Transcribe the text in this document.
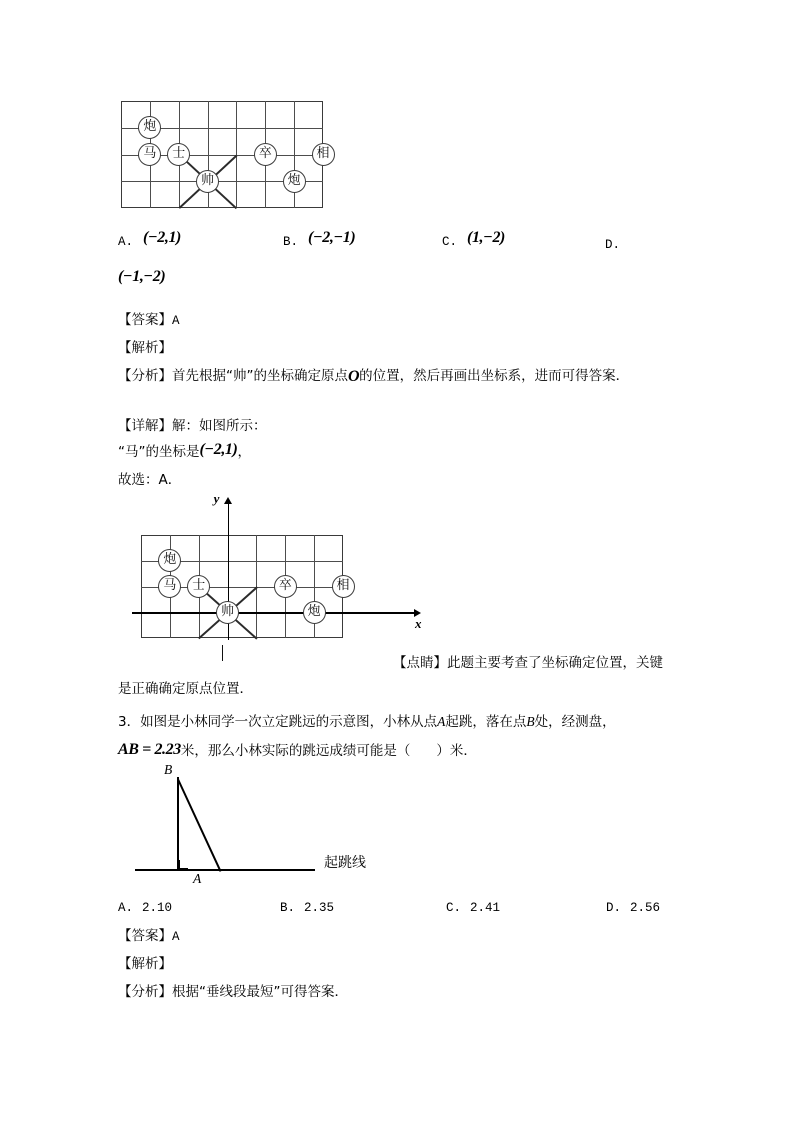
炮
马	士	卒	相
帅	炮
A. (−2,1)	B. (−2,−1)	C. (1,−2)	D.
(−1,−2)
【答案】A
【解析】
【分析】首先根据“帅”的坐标确定原点O的位置，然后再画出坐标系，进而可得答案．
【详解】解：如图所示：
“马”的坐标是(−2,1)，
故选：A．
x
y
炮
马	士	卒	相
帅	炮
【点睛】此题主要考查了坐标确定位置，关键
是正确确定原点位置．
3．如图是小林同学一次立定跳远的示意图，小林从点A起跳，落在点B处，经测盘，
AB = 2.23米，那么小林实际的跳远成绩可能是（ ）米．
B
A
起跳线
A. 2.10	B. 2.35	C. 2.41	D. 2.56
【答案】A
【解析】
【分析】根据“垂线段最短”可得答案．
